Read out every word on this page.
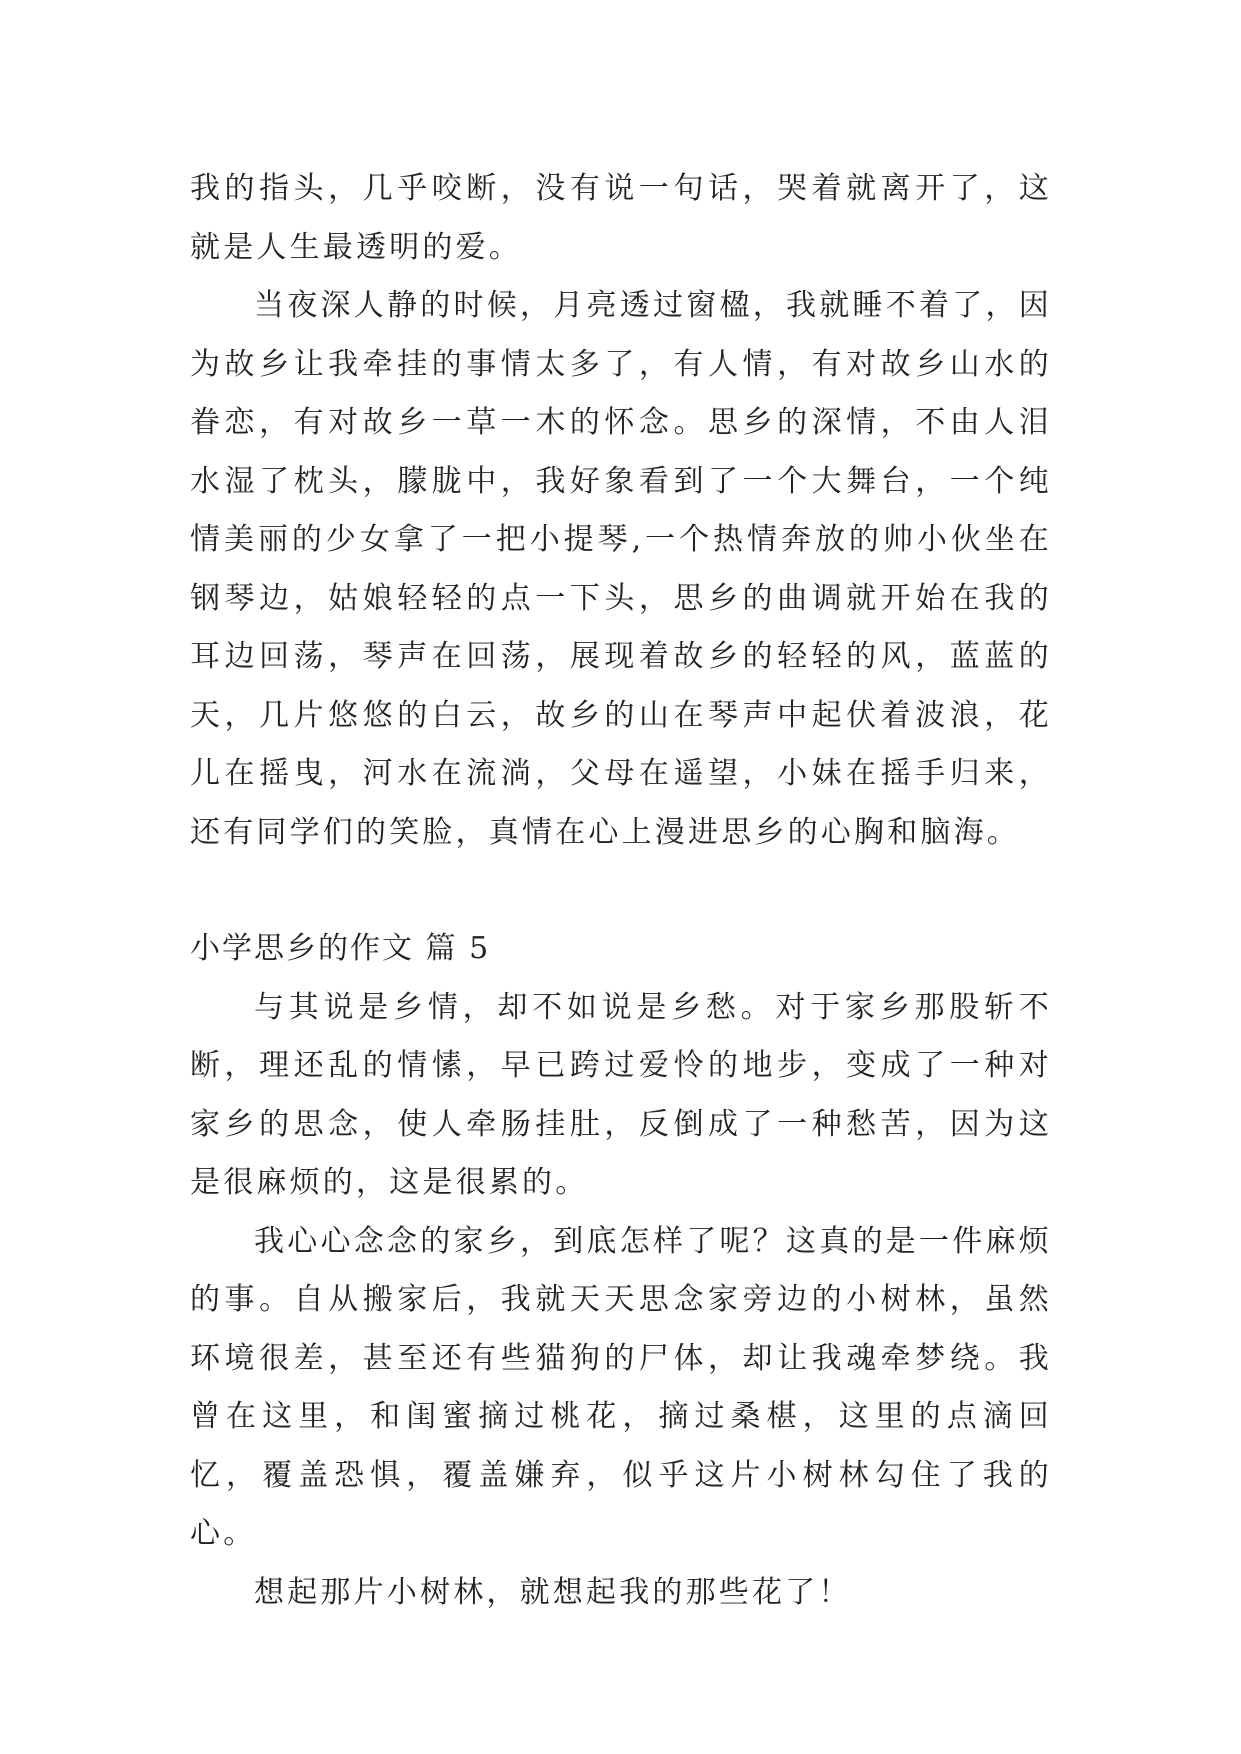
我的指头，几乎咬断，没有说一句话，哭着就离开了，这就是人生最透明的爱。

当夜深人静的时候，月亮透过窗楹，我就睡不着了，因为故乡让我牵挂的事情太多了，有人情，有对故乡山水的眷恋，有对故乡一草一木的怀念。思乡的深情，不由人泪水湿了枕头，朦胧中，我好象看到了一个大舞台，一个纯情美丽的少女拿了一把小提琴,一个热情奔放的帅小伙坐在钢琴边，姑娘轻轻的点一下头，思乡的曲调就开始在我的耳边回荡，琴声在回荡，展现着故乡的轻轻的风，蓝蓝的天，几片悠悠的白云，故乡的山在琴声中起伏着波浪，花儿在摇曳，河水在流淌，父母在遥望，小妹在摇手归来，还有同学们的笑脸，真情在心上漫进思乡的心胸和脑海。

小学思乡的作文 篇 5

与其说是乡情，却不如说是乡愁。对于家乡那股斩不断，理还乱的情愫，早已跨过爱怜的地步，变成了一种对家乡的思念，使人牵肠挂肚，反倒成了一种愁苦，因为这是很麻烦的，这是很累的。

我心心念念的家乡，到底怎样了呢？这真的是一件麻烦的事。自从搬家后，我就天天思念家旁边的小树林，虽然环境很差，甚至还有些猫狗的尸体，却让我魂牵梦绕。我曾在这里，和闺蜜摘过桃花，摘过桑椹，这里的点滴回忆，覆盖恐惧，覆盖嫌弃，似乎这片小树林勾住了我的心。

想起那片小树林，就想起我的那些花了！
